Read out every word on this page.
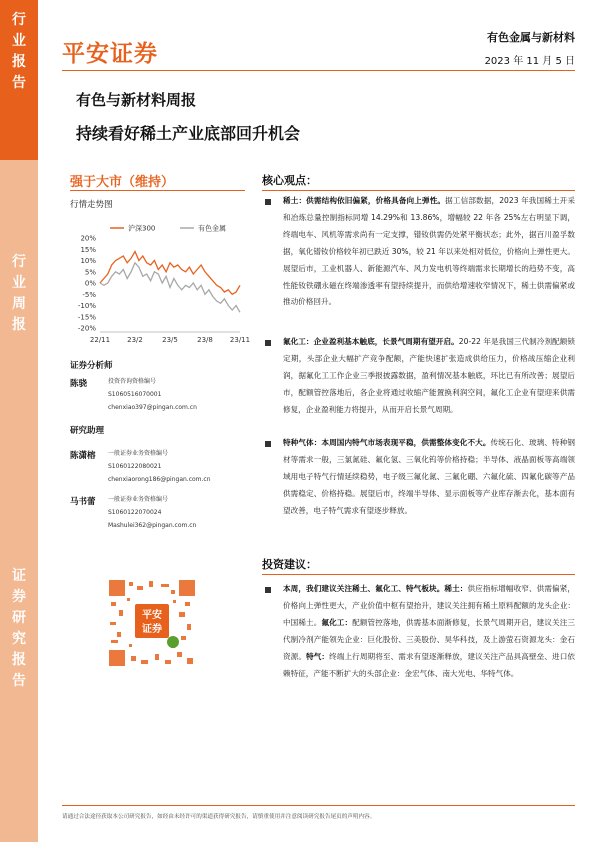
行
业
报
告
行
业
周
报
证
券
研
究
报
告
平安证券
有色金属与新材料
2023 年 11 月 5 日
有色与新材料周报
持续看好稀土产业底部回升机会
强于大市（维持）
行情走势图
20%
15%
10%
5%
0%
-5%
-10%
-15%
-20%
22/11 23/2	23/5	23/8 23/11
沪深300	有色金属
证券分析师
陈骁	投资咨询资格编号
S1060516070001
chenxiao397@pingan.com.cn
研究助理
陈潇榕 一般证券业务资格编号
S1060122080021
chenxiaorong186@pingan.com.cn
马书蕾 一般证券业务资格编号
S1060122070024
Mashulei362@pingan.com.cn
平安
证券
核心观点：
稀土：供需结构依旧偏紧，价格具备向上弹性。据工信部数据，2023 年我国稀土开采和冶炼总量控制指标同增 14.29%和 13.86%，增幅较 22 年各 25%左右明显下调，终端电车、风机等需求尚有一定支撑，镨钕供需仍处紧平衡状态；此外，据百川盈孚数据，氧化镨钕价格较年初已跌近 30%，较 21 年以来处相对低位，价格向上弹性更大。展望后市，工业机器人、新能源汽车、风力发电机等终端需求长期增长的趋势不变，高性能钕铁硼永磁在终端渗透率有望持续提升，而供给增速收窄情况下，稀土供需偏紧或推动价格回升。
氟化工：企业盈利基本触底，长景气周期有望开启。20-22 年是我国三代制冷剂配额锁定期，头部企业大幅扩产竞争配额，产能快速扩张造成供给压力，价格战压缩企业利润，据氟化工工作企业三季报披露数据，盈利情况基本触底，环比已有所改善；展望后市，配额管控落地后，各企业将通过收缩产能置换利润空间，氟化工企业有望迎来供需修复，企业盈利能力将提升，从而开启长景气周期。
特种气体：本周国内特气市场表现平稳，供需整体变化不大。传统石化、玻璃、特种钢材等需求一般，三氯氮硅、氟化氢、三氧化钨等价格持稳；半导体、液晶面板等高端领域用电子特气行情延续稳势，电子级三氟化氮、三氟化硼、六氟化硫、四氟化碳等产品供需稳定、价格持稳。展望后市，终端半导体、显示面板等产业库存渐去化，基本面有望改善，电子特气需求有望逐步释放。
投资建议：
本周，我们建议关注稀土、氟化工、特气板块。稀土：供应指标增幅收窄、供需偏紧，价格向上弹性更大，产业价值中枢有望抬升，建议关注拥有稀土原料配额的龙头企业：中国稀土。氟化工：配额管控落地，供需基本面渐修复，长景气周期开启，建议关注三代制冷剂产能领先企业：巨化股份、三美股份、昊华科技，及上游萤石资源龙头：金石资源。特气：终端上行周期将至、需求有望逐渐释放，建议关注产品具高壁垒、进口依赖特征，产能不断扩大的头部企业：金宏气体、南大光电、华特气体。
请通过合法途径获取本公司研究报告，如经由未经许可的渠道获得研究报告，请慎重使用并注意阅读研究报告尾页的声明内容。
